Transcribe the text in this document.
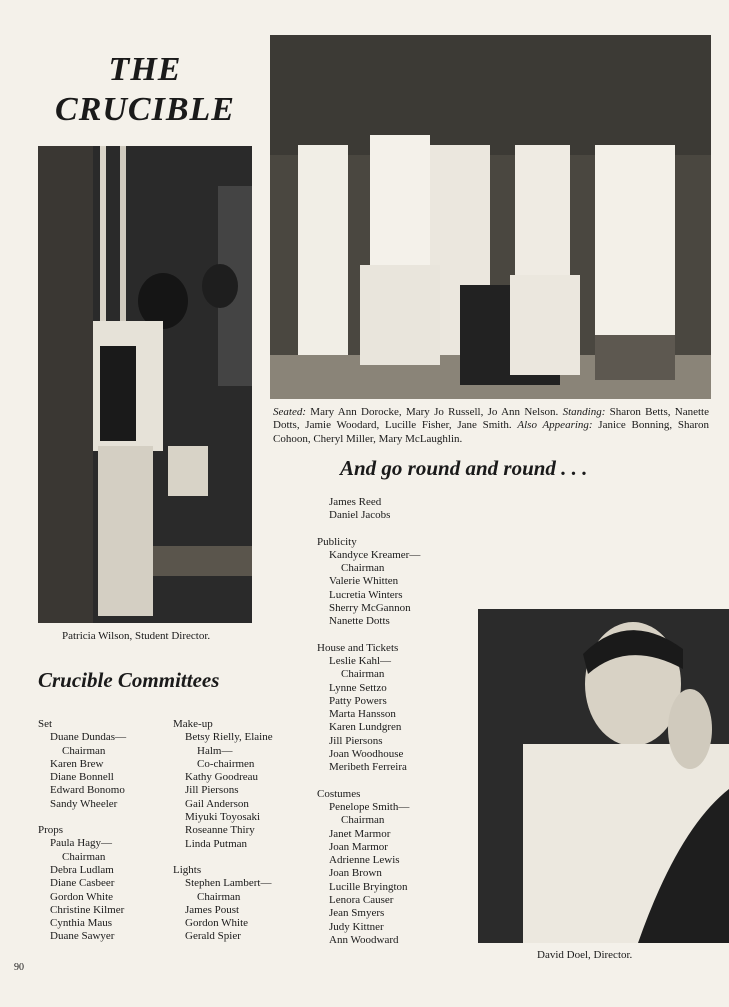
THE
CRUCIBLE
Patricia Wilson, Student Director.
Seated: Mary Ann Dorocke, Mary Jo Russell, Jo Ann Nelson. Standing: Sharon Betts, Nanette Dotts, Jamie Woodard, Lucille Fisher, Jane Smith. Also Appearing: Janice Bonning, Sharon Cohoon, Cheryl Miller, Mary McLaughlin.
And go round and round . . .
Crucible Committees
Set
Duane Dundas—
Chairman
Karen Brew
Diane Bonnell
Edward Bonomo
Sandy Wheeler
Props
Paula Hagy—
Chairman
Debra Ludlam
Diane Casbeer
Gordon White
Christine Kilmer
Cynthia Maus
Duane Sawyer
Make-up
Betsy Rielly, Elaine
Halm—
Co-chairmen
Kathy Goodreau
Jill Piersons
Gail Anderson
Miyuki Toyosaki
Roseanne Thiry
Linda Putman
Lights
Stephen Lambert—
Chairman
James Poust
Gordon White
Gerald Spier
James Reed
Daniel Jacobs
Publicity
Kandyce Kreamer—
Chairman
Valerie Whitten
Lucretia Winters
Sherry McGannon
Nanette Dotts
House and Tickets
Leslie Kahl—
Chairman
Lynne Settzo
Patty Powers
Marta Hansson
Karen Lundgren
Jill Piersons
Joan Woodhouse
Meribeth Ferreira
Costumes
Penelope Smith—
Chairman
Janet Marmor
Joan Marmor
Adrienne Lewis
Joan Brown
Lucille Bryington
Lenora Causer
Jean Smyers
Judy Kittner
Ann Woodward
David Doel, Director.
90
